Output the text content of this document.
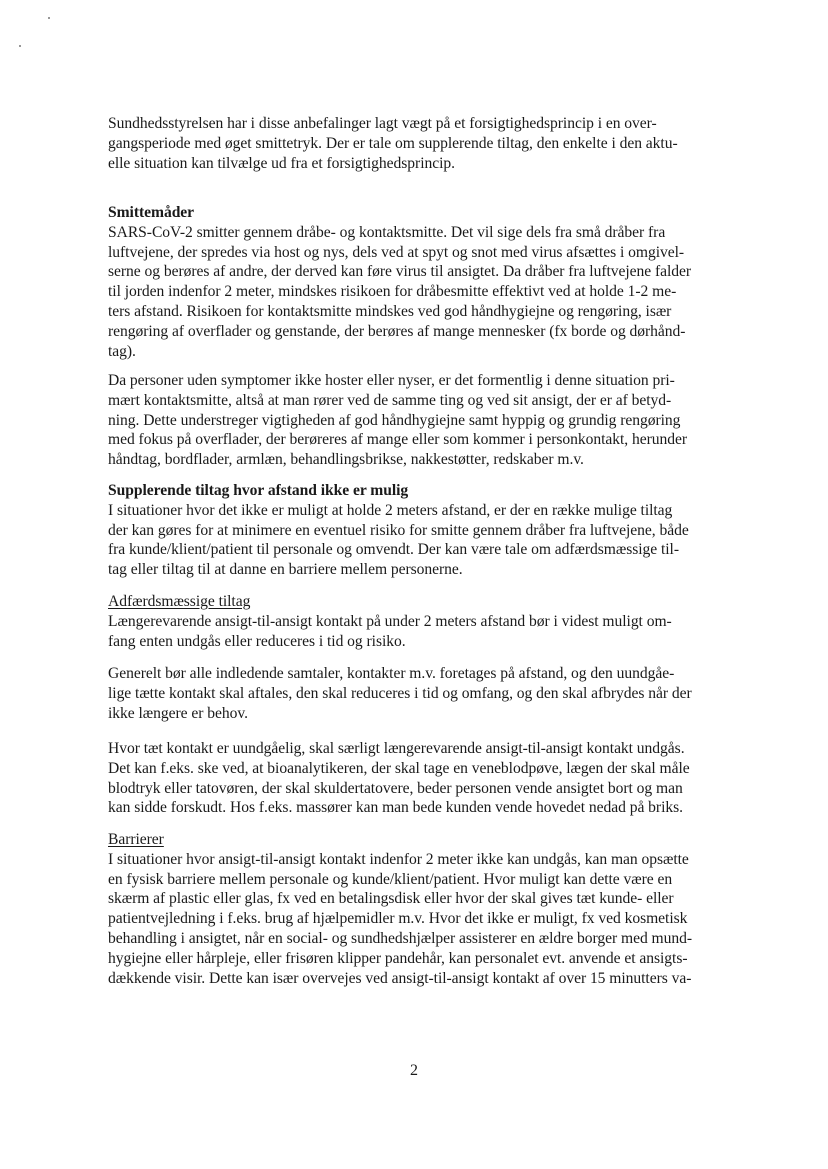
Sundhedsstyrelsen har i disse anbefalinger lagt vægt på et forsigtighedsprincip i en over-
gangsperiode med øget smittetryk. Der er tale om supplerende tiltag, den enkelte i den aktu-
elle situation kan tilvælge ud fra et forsigtighedsprincip.
Smittemåder
SARS-CoV-2 smitter gennem dråbe- og kontaktsmitte. Det vil sige dels fra små dråber fra
luftvejene, der spredes via host og nys, dels ved at spyt og snot med virus afsættes i omgivel-
serne og berøres af andre, der derved kan føre virus til ansigtet. Da dråber fra luftvejene falder
til jorden indenfor 2 meter, mindskes risikoen for dråbesmitte effektivt ved at holde 1-2 me-
ters afstand. Risikoen for kontaktsmitte mindskes ved god håndhygiejne og rengøring, især
rengøring af overflader og genstande, der berøres af mange mennesker (fx borde og dørhånd-
tag).
Da personer uden symptomer ikke hoster eller nyser, er det formentlig i denne situation pri-
mært kontaktsmitte, altså at man rører ved de samme ting og ved sit ansigt, der er af betyd-
ning. Dette understreger vigtigheden af god håndhygiejne samt hyppig og grundig rengøring
med fokus på overflader, der berøreres af mange eller som kommer i personkontakt, herunder
håndtag, bordflader, armlæn, behandlingsbrikse, nakkestøtter, redskaber m.v.
Supplerende tiltag hvor afstand ikke er mulig
I situationer hvor det ikke er muligt at holde 2 meters afstand, er der en række mulige tiltag
der kan gøres for at minimere en eventuel risiko for smitte gennem dråber fra luftvejene, både
fra kunde/klient/patient til personale og omvendt. Der kan være tale om adfærdsmæssige til-
tag eller tiltag til at danne en barriere mellem personerne.
Adfærdsmæssige tiltag
Længerevarende ansigt-til-ansigt kontakt på under 2 meters afstand bør i videst muligt om-
fang enten undgås eller reduceres i tid og risiko.
Generelt bør alle indledende samtaler, kontakter m.v. foretages på afstand, og den uundgåe-
lige tætte kontakt skal aftales, den skal reduceres i tid og omfang, og den skal afbrydes når der
ikke længere er behov.
Hvor tæt kontakt er uundgåelig, skal særligt længerevarende ansigt-til-ansigt kontakt undgås.
Det kan f.eks. ske ved, at bioanalytikeren, der skal tage en veneblodpøve, lægen der skal måle
blodtryk eller tatovøren, der skal skuldertatovere, beder personen vende ansigtet bort og man
kan sidde forskudt. Hos f.eks. massører kan man bede kunden vende hovedet nedad på briks.
Barrierer
I situationer hvor ansigt-til-ansigt kontakt indenfor 2 meter ikke kan undgås, kan man opsætte
en fysisk barriere mellem personale og kunde/klient/patient. Hvor muligt kan dette være en
skærm af plastic eller glas, fx ved en betalingsdisk eller hvor der skal gives tæt kunde- eller
patientvejledning i f.eks. brug af hjælpemidler m.v. Hvor det ikke er muligt, fx ved kosmetisk
behandling i ansigtet, når en social- og sundhedshjælper assisterer en ældre borger med mund-
hygiejne eller hårpleje, eller frisøren klipper pandehår, kan personalet evt. anvende et ansigts-
dækkende visir. Dette kan især overvejes ved ansigt-til-ansigt kontakt af over 15 minutters va-
2
